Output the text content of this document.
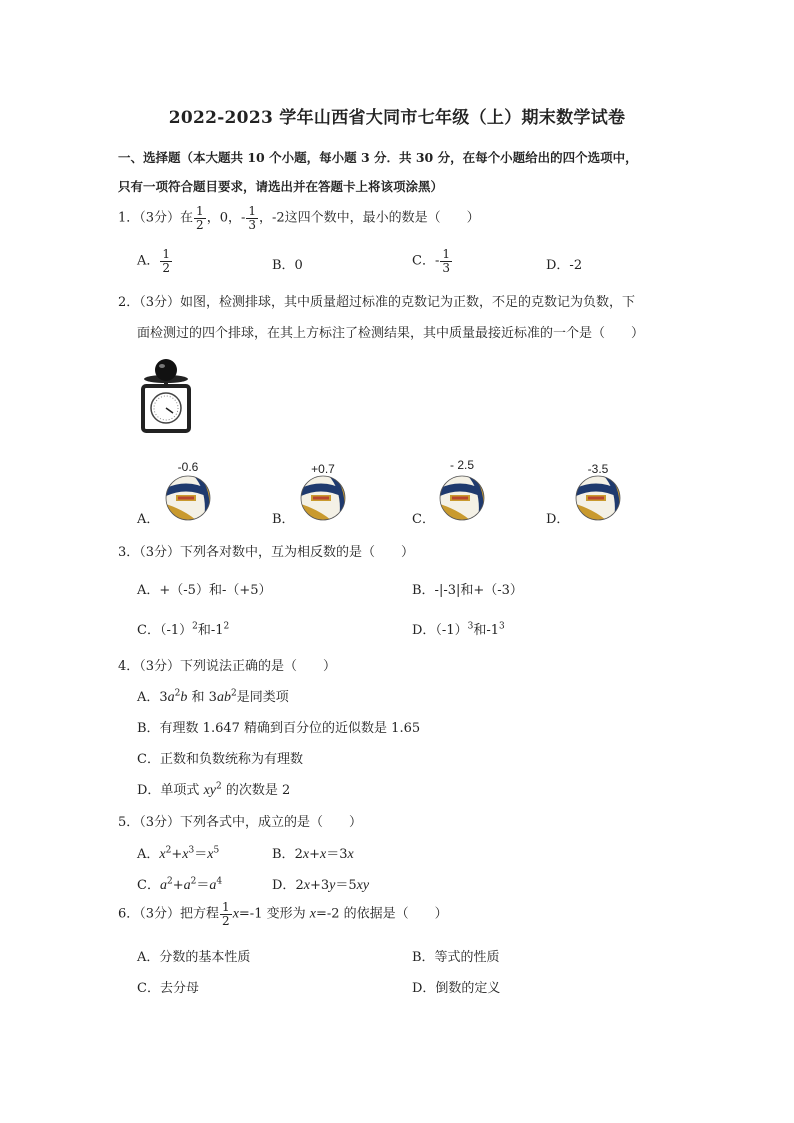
2022-2023 学年山西省大同市七年级（上）期末数学试卷
一、选择题（本大题共 10 个小题，每小题 3 分．共 30 分，在每个小题给出的四个选项中，
只有一项符合题目要求，请选出并在答题卡上将该项涂黑）
1．（3分）在 $\frac{1}{2}$ ，0，- $\frac{1}{3}$ ，-2这四个数中，最小的数是（　　）
A． $\frac{1}{2}$	B．0	C．- $\frac{1}{3}$	D．-2
2．（3分）如图，检测排球，其中质量超过标准的克数记为正数，不足的克数记为负数，下
面检测过的四个排球，在其上方标注了检测结果，其中质量最接近标准的一个是（　　）
A．
-0.6
B．
+0.7
C．
- 2.5
D．
-3.5
3．（3分）下列各对数中，互为相反数的是（　　）
A．+（-5）和-（+5）	B．-|-3|和+（-3）
C．$(-1)^2$和$-1^2$	D．$(-1)^3$和$-1^3$
4．（3分）下列说法正确的是（　　）
A．$3a^2b$ 和 $3ab^2$是同类项
B．有理数 1.647 精确到百分位的近似数是 1.65
C．正数和负数统称为有理数
D．单项式 $xy^2$ 的次数是 2
5．（3分）下列各式中，成立的是（　　）
A．$x^2+x^3=x^5$	B．2x+x＝3x
C．$a^2+a^2=a^4$	D．2x+3y＝5xy
6．（3分）把方程 $\frac{1}{2} x=-1$ 变形为 x=-2 的依据是（　　）
A．分数的基本性质	B．等式的性质
C．去分母	D．倒数的定义
